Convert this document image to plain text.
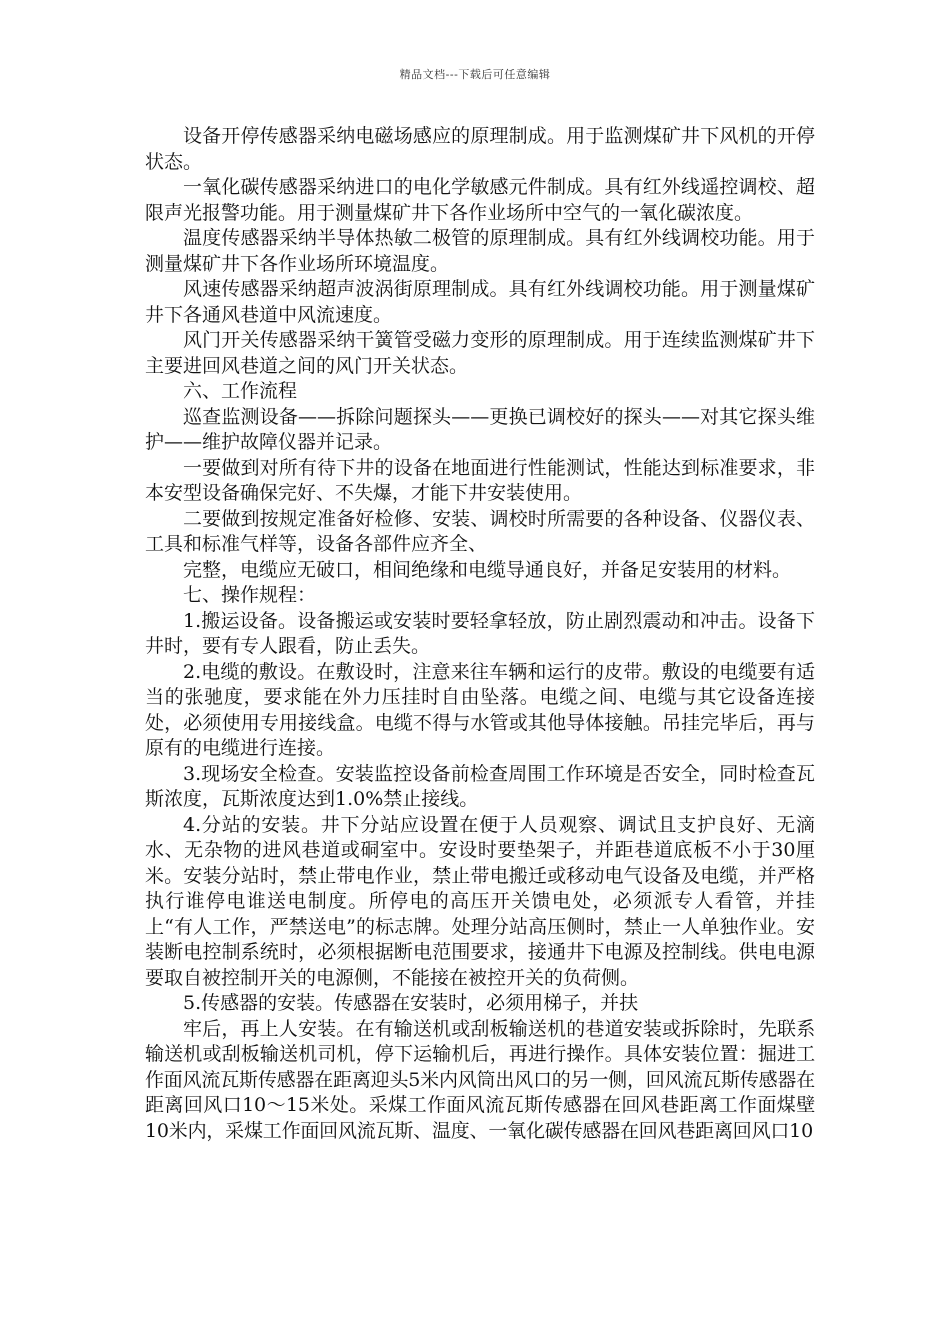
精品文档---下载后可任意编辑

设备开停传感器采纳电磁场感应的原理制成。用于监测煤矿井下风机的开停状态。

一氧化碳传感器采纳进口的电化学敏感元件制成。具有红外线遥控调校、超限声光报警功能。用于测量煤矿井下各作业场所中空气的一氧化碳浓度。

温度传感器采纳半导体热敏二极管的原理制成。具有红外线调校功能。用于测量煤矿井下各作业场所环境温度。

风速传感器采纳超声波涡街原理制成。具有红外线调校功能。用于测量煤矿井下各通风巷道中风流速度。

风门开关传感器采纳干簧管受磁力变形的原理制成。用于连续监测煤矿井下主要进回风巷道之间的风门开关状态。

六、工作流程

巡查监测设备——拆除问题探头——更换已调校好的探头——对其它探头维护——维护故障仪器并记录。

一要做到对所有待下井的设备在地面进行性能测试，性能达到标准要求，非本安型设备确保完好、不失爆，才能下井安装使用。

二要做到按规定准备好检修、安装、调校时所需要的各种设备、仪器仪表、工具和标准气样等，设备各部件应齐全、

完整，电缆应无破口，相间绝缘和电缆导通良好，并备足安装用的材料。

七、操作规程：

1.搬运设备。设备搬运或安装时要轻拿轻放，防止剧烈震动和冲击。设备下井时，要有专人跟看，防止丢失。

2.电缆的敷设。在敷设时，注意来往车辆和运行的皮带。敷设的电缆要有适当的张驰度，要求能在外力压挂时自由坠落。电缆之间、电缆与其它设备连接处，必须使用专用接线盒。电缆不得与水管或其他导体接触。吊挂完毕后，再与原有的电缆进行连接。

3.现场安全检查。安装监控设备前检查周围工作环境是否安全，同时检查瓦斯浓度，瓦斯浓度达到1.0%禁止接线。

4.分站的安装。井下分站应设置在便于人员观察、调试且支护良好、无滴水、无杂物的进风巷道或硐室中。安设时要垫架子，并距巷道底板不小于30厘米。安装分站时，禁止带电作业，禁止带电搬迁或移动电气设备及电缆，并严格执行谁停电谁送电制度。所停电的高压开关馈电处，必须派专人看管，并挂上“有人工作，严禁送电”的标志牌。处理分站高压侧时，禁止一人单独作业。安装断电控制系统时，必须根据断电范围要求，接通井下电源及控制线。供电电源要取自被控制开关的电源侧，不能接在被控开关的负荷侧。

5.传感器的安装。传感器在安装时，必须用梯子，并扶

牢后，再上人安装。在有输送机或刮板输送机的巷道安装或拆除时，先联系输送机或刮板输送机司机，停下运输机后，再进行操作。具体安装位置：掘进工作面风流瓦斯传感器在距离迎头5米内风筒出风口的另一侧，回风流瓦斯传感器在距离回风口10～15米处。采煤工作面风流瓦斯传感器在回风巷距离工作面煤壁10米内，采煤工作面回风流瓦斯、温度、一氧化碳传感器在回风巷距离回风口10
